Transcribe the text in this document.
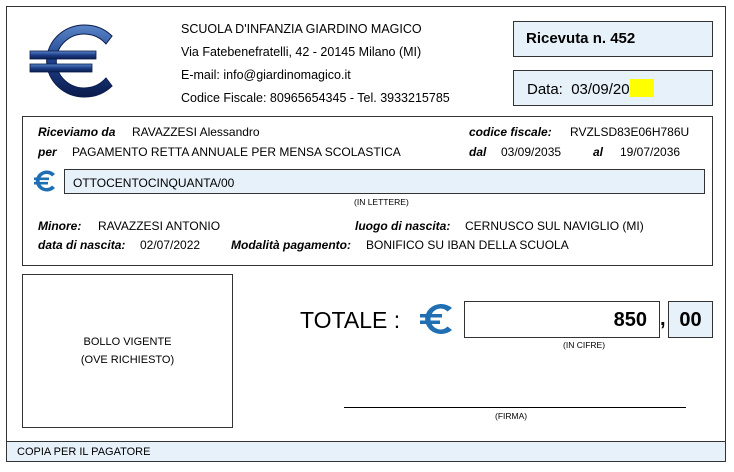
SCUOLA D'INFANZIA GIARDINO MAGICO
Via Fatebenefratelli, 42 - 20145 Milano (MI)
E-mail: info@giardinomagico.it
Codice Fiscale: 80965654345 - Tel. 3933215785
Ricevuta n. 452
Data: 03/09/20
Riceviamo da RAVAZZESI Alessandro	codice fiscale: RVZLSD83E06H786U
per PAGAMENTO RETTA ANNUALE PER MENSA SCOLASTICA	dal 03/09/2035	al 19/07/2036
OTTOCENTOCINQUANTA/00
(IN LETTERE)
Minore: RAVAZZESI ANTONIO	luogo di nascita: CERNUSCO SUL NAVIGLIO (MI)
data di nascita: 02/07/2022	Modalità pagamento: BONIFICO SU IBAN DELLA SCUOLA
BOLLO VIGENTE
(OVE RICHIESTO)
TOTALE :	850 , 00
(IN CIFRE)
(FIRMA)
COPIA PER IL PAGATORE
